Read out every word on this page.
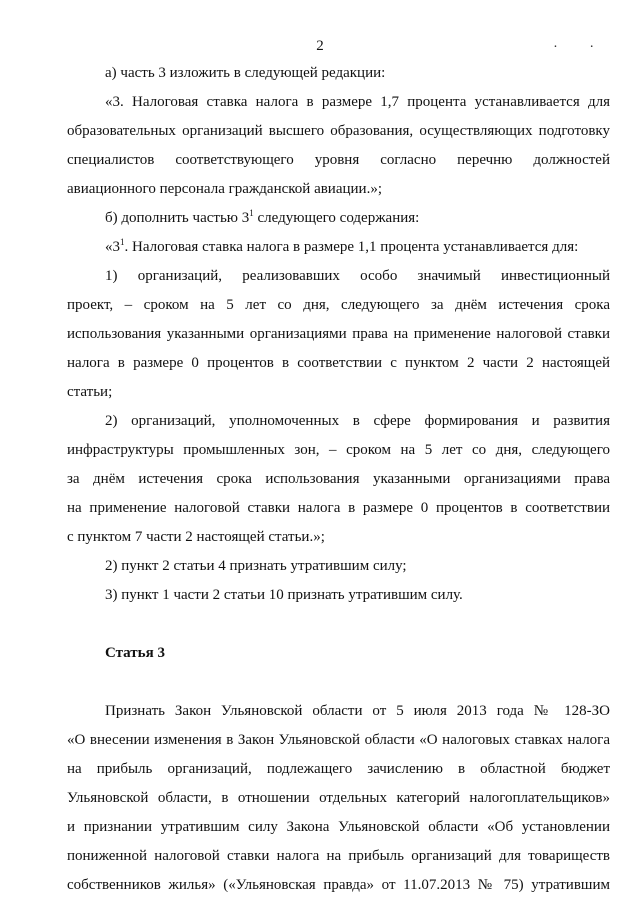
2	· ·
а) часть 3 изложить в следующей редакции:
«3. Налоговая ставка налога в размере 1,7 процента устанавливается для
образовательных организаций высшего образования, осуществляющих подготовку
специалистов соответствующего уровня согласно перечню должностей
авиационного персонала гражданской авиации.»;
б) дополнить частью $3^1$ следующего содержания:
«$3^1$. Налоговая ставка налога в размере 1,1 процента устанавливается для:
1) организаций, реализовавших особо значимый инвестиционный
проект, – сроком на 5 лет со дня, следующего за днём истечения срока
использования указанными организациями права на применение налоговой ставки
налога в размере 0 процентов в соответствии с пунктом 2 части 2 настоящей
статьи;
2) организаций, уполномоченных в сфере формирования и развития
инфраструктуры промышленных зон, – сроком на 5 лет со дня, следующего
за днём истечения срока использования указанными организациями права
на применение налоговой ставки налога в размере 0 процентов в соответствии
с пунктом 7 части 2 настоящей статьи.»;
2) пункт 2 статьи 4 признать утратившим силу;
3) пункт 1 части 2 статьи 10 признать утратившим силу.
Статья 3
Признать Закон Ульяновской области от 5 июля 2013 года № 128-ЗО
«О внесении изменения в Закон Ульяновской области «О налоговых ставках налога
на прибыль организаций, подлежащего зачислению в областной бюджет
Ульяновской области, в отношении отдельных категорий налогоплательщиков»
и признании утратившим силу Закона Ульяновской области «Об установлении
пониженной налоговой ставки налога на прибыль организаций для товариществ
собственников жилья» («Ульяновская правда» от 11.07.2013 № 75) утратившим
